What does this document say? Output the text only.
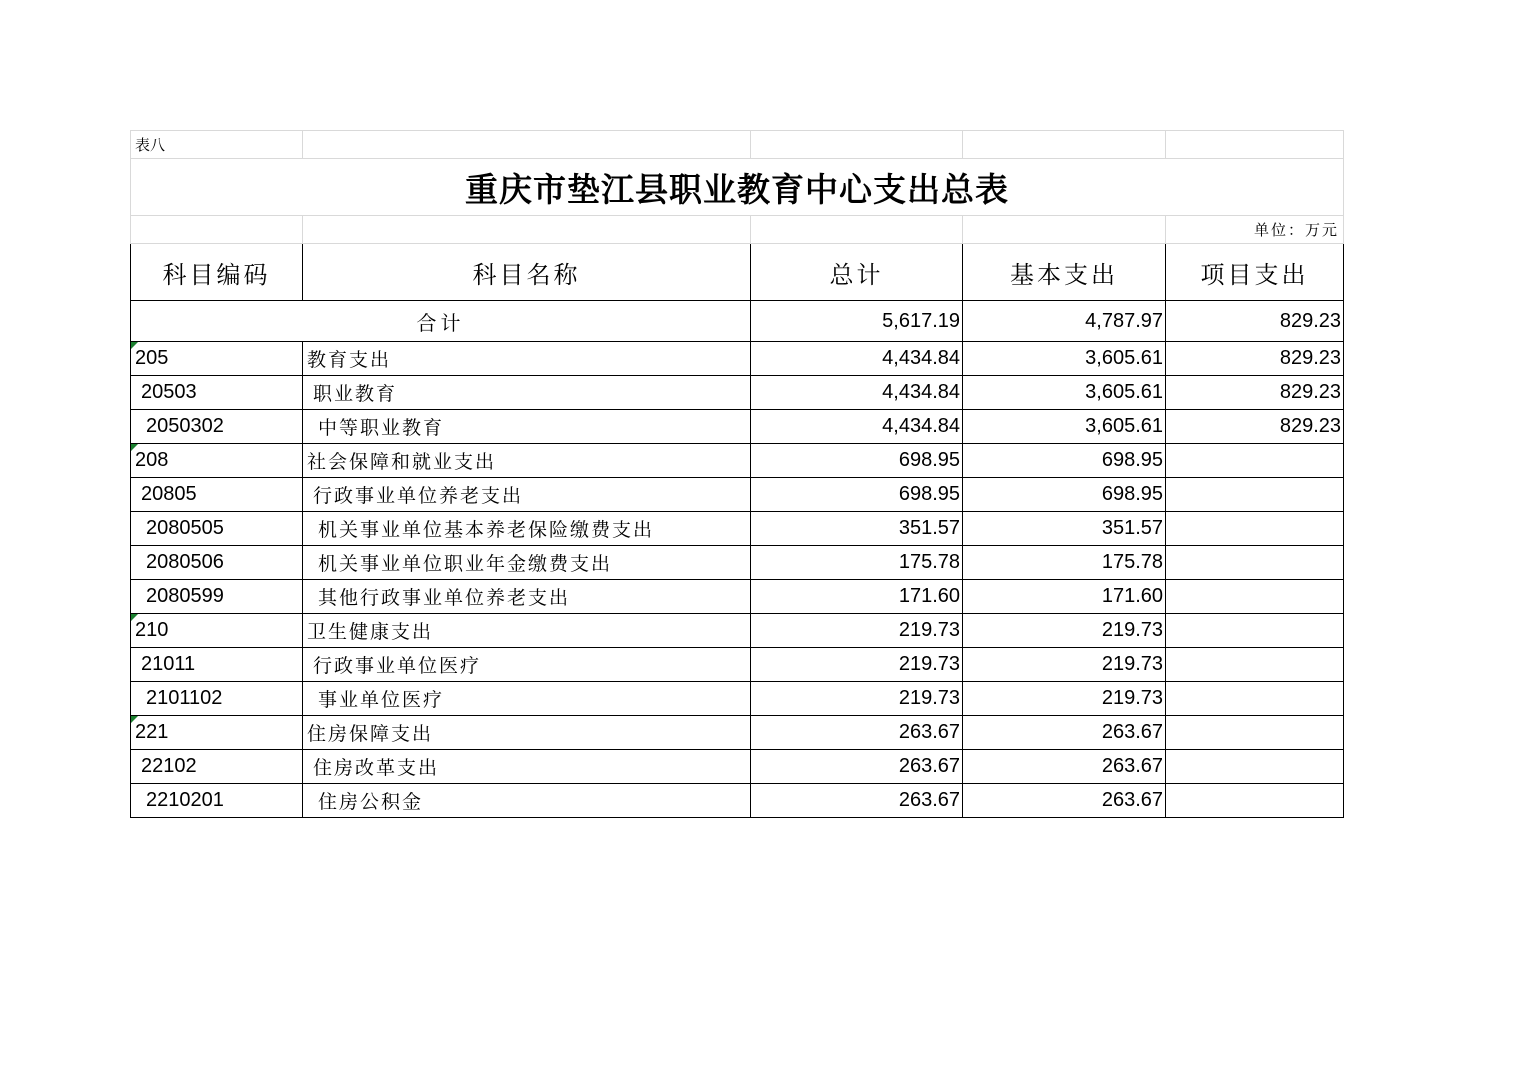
表八				
重庆市垫江县职业教育中心支出总表				
				单位：万元
科目编码	科目名称	总计	基本支出	项目支出
合计		5,617.19	4,787.97	829.23
205	教育支出	4,434.84	3,605.61	829.23
20503	职业教育	4,434.84	3,605.61	829.23
2050302	中等职业教育	4,434.84	3,605.61	829.23
208	社会保障和就业支出	698.95	698.95	
20805	行政事业单位养老支出	698.95	698.95	
2080505	机关事业单位基本养老保险缴费支出	351.57	351.57	
2080506	机关事业单位职业年金缴费支出	175.78	175.78	
2080599	其他行政事业单位养老支出	171.60	171.60	
210	卫生健康支出	219.73	219.73	
21011	行政事业单位医疗	219.73	219.73	
2101102	事业单位医疗	219.73	219.73	
221	住房保障支出	263.67	263.67	
22102	住房改革支出	263.67	263.67	
2210201	住房公积金	263.67	263.67	
